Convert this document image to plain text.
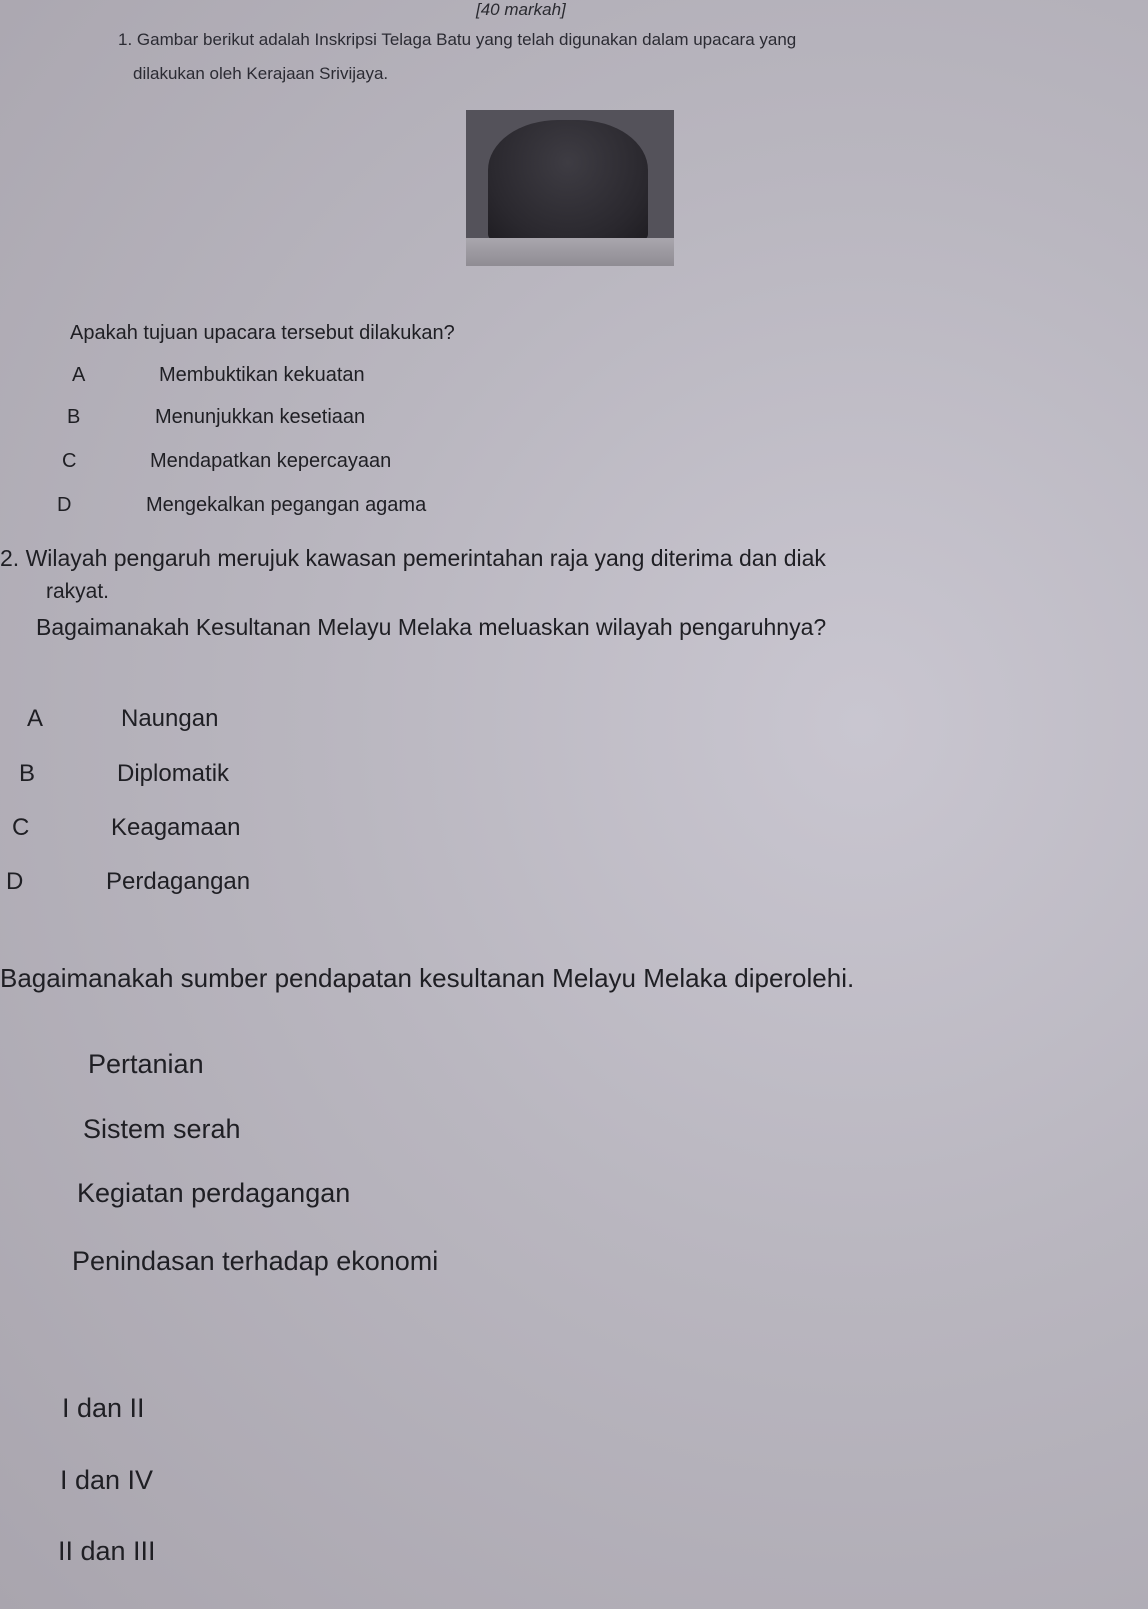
[40 markah]
1. Gambar berikut adalah Inskripsi Telaga Batu yang telah digunakan dalam upacara yang
dilakukan oleh Kerajaan Srivijaya.
Apakah tujuan upacara tersebut dilakukan?
A	Membuktikan kekuatan
B	Menunjukkan kesetiaan
C	Mendapatkan kepercayaan
D	Mengekalkan pegangan agama
2. Wilayah pengaruh merujuk kawasan pemerintahan raja yang diterima dan diak
rakyat.
Bagaimanakah Kesultanan Melayu Melaka meluaskan wilayah pengaruhnya?
A	Naungan
B	Diplomatik
C	Keagamaan
D	Perdagangan
Bagaimanakah sumber pendapatan kesultanan Melayu Melaka diperolehi.
Pertanian
Sistem serah
Kegiatan perdagangan
Penindasan terhadap ekonomi
I dan II
I dan IV
II dan III
